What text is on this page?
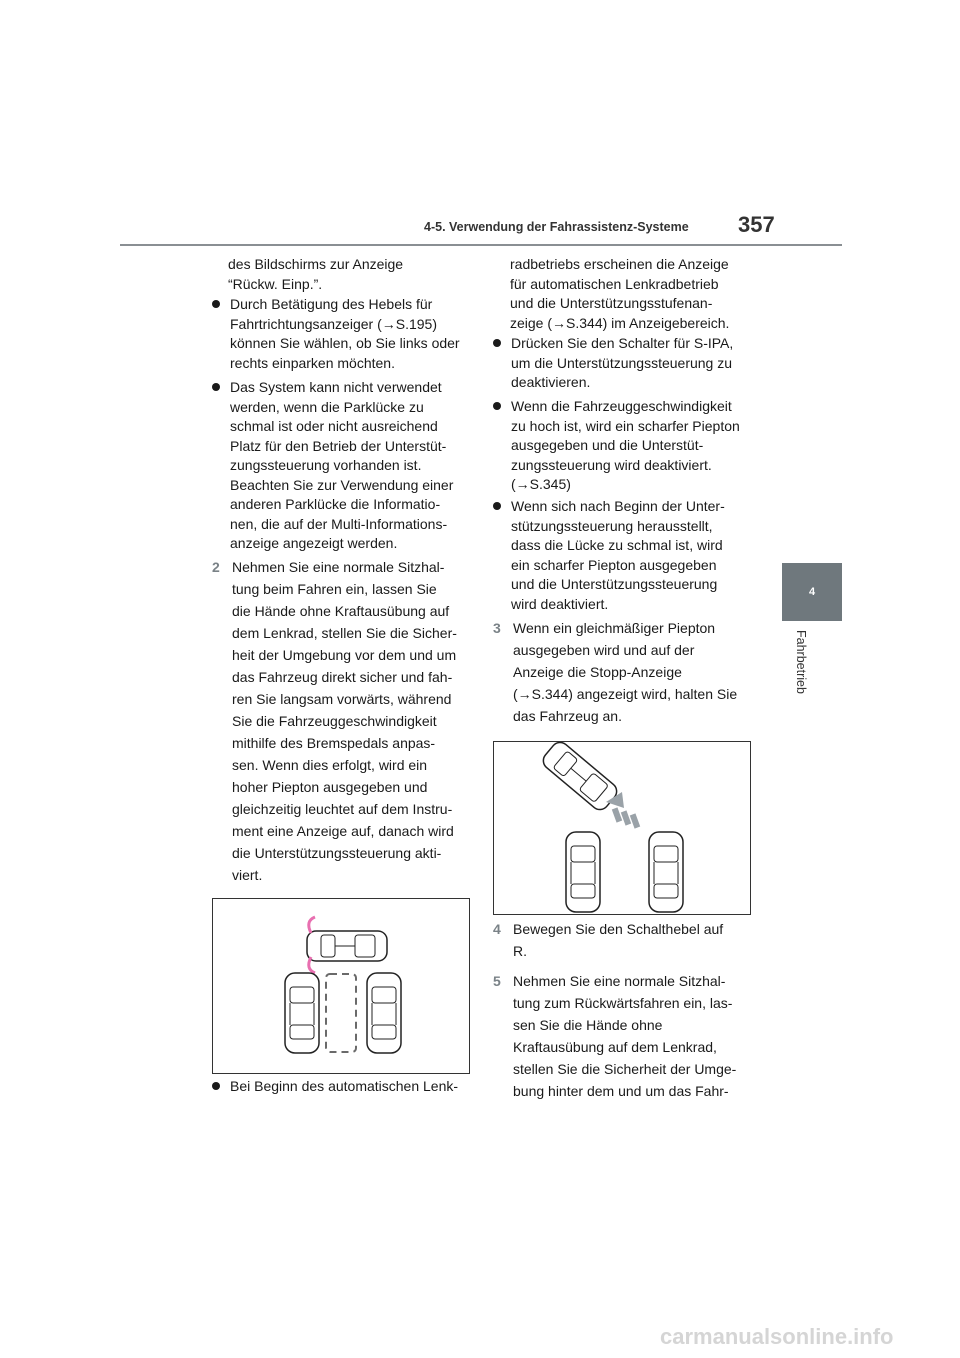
4-5. Verwendung der Fahrassistenz-Systeme 357
4
Fahrbetrieb

des Bildschirms zur Anzeige

“Rückw. Einp.”.

Durch Betätigung des Hebels für

Fahrtrichtungsanzeiger (→S.195)

können Sie wählen, ob Sie links oder

rechts einparken möchten.

Das System kann nicht verwendet

werden, wenn die Parklücke zu

schmal ist oder nicht ausreichend

Platz für den Betrieb der Unterstüt-

zungssteuerung vorhanden ist.

Beachten Sie zur Verwendung einer

anderen Parklücke die Informatio-

nen, die auf der Multi-Informations-

anzeige angezeigt werden.

2 Nehmen Sie eine normale Sitzhal-

tung beim Fahren ein, lassen Sie

die Hände ohne Kraftausübung auf

dem Lenkrad, stellen Sie die Sicher-

heit der Umgebung vor dem und um

das Fahrzeug direkt sicher und fah-

ren Sie langsam vorwärts, während

Sie die Fahrzeuggeschwindigkeit

mithilfe des Bremspedals anpas-

sen. Wenn dies erfolgt, wird ein

hoher Piepton ausgegeben und

gleichzeitig leuchtet auf dem Instru-

ment eine Anzeige auf, danach wird

die Unterstützungssteuerung akti-

viert.

Bei Beginn des automatischen Lenk-

radbetriebs erscheinen die Anzeige

für automatischen Lenkradbetrieb

und die Unterstützungsstufenan-

zeige (→S.344) im Anzeigebereich.

Drücken Sie den Schalter für S-IPA,

um die Unterstützungssteuerung zu

deaktivieren.

Wenn die Fahrzeuggeschwindigkeit

zu hoch ist, wird ein scharfer Piepton

ausgegeben und die Unterstüt-

zungssteuerung wird deaktiviert.

(→S.345)

Wenn sich nach Beginn der Unter-

stützungssteuerung herausstellt,

dass die Lücke zu schmal ist, wird

ein scharfer Piepton ausgegeben

und die Unterstützungssteuerung

wird deaktiviert.

3 Wenn ein gleichmäßiger Piepton

ausgegeben wird und auf der

Anzeige die Stopp-Anzeige

(→S.344) angezeigt wird, halten Sie

das Fahrzeug an.

4 Bewegen Sie den Schalthebel auf

R.

5 Nehmen Sie eine normale Sitzhal-

tung zum Rückwärtsfahren ein, las-

sen Sie die Hände ohne

Kraftausübung auf dem Lenkrad,

stellen Sie die Sicherheit der Umge-

bung hinter dem und um das Fahr-

carmanualsonline.info
